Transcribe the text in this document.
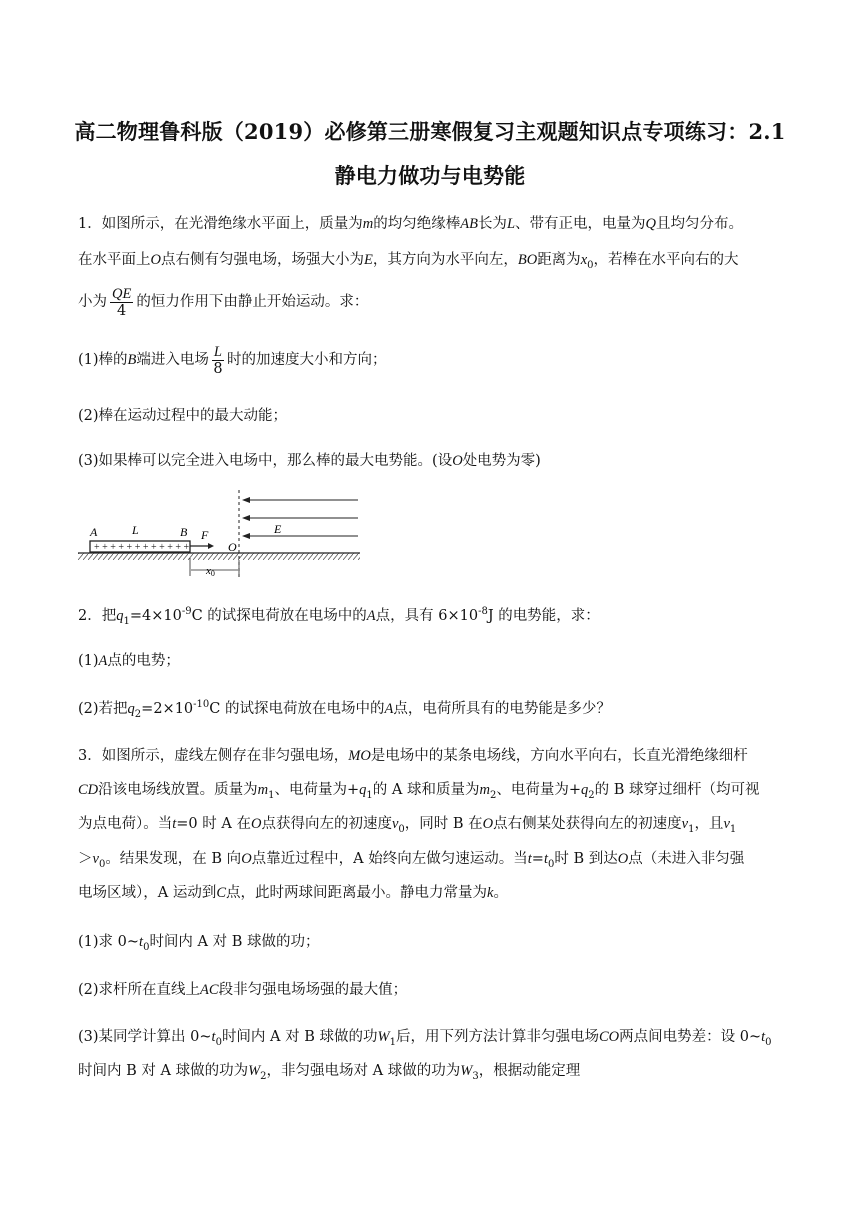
高二物理鲁科版（2019）必修第三册寒假复习主观题知识点专项练习：2.1
静电力做功与电势能
1．如图所示，在光滑绝缘水平面上，质量为m的均匀绝缘棒AB长为L、带有正电，电量为Q且均匀分布。
在水平面上O点右侧有匀强电场，场强大小为E，其方向为水平向左，BO距离为$x_0$，若棒在水平向右的大
小为 $\frac{QE}{4}$ 的恒力作用下由静止开始运动。求：
(1)棒的B端进入电场 $\frac{L}{8}$ 时的加速度大小和方向；
(2)棒在运动过程中的最大动能；
(3)如果棒可以完全进入电场中，那么棒的最大电势能。(设O处电势为零)
+ + + + + + + + + + + +
A	L	B F
O
E
x0
2．把$q_1=4\times 10^{-9}C$ 的试探电荷放在电场中的A点，具有 $6\times 10^{-8}J$ 的电势能，求：
(1)A点的电势；
(2)若把$q_2=2\times 10^{-10}C$ 的试探电荷放在电场中的A点，电荷所具有的电势能是多少？
3．如图所示，虚线左侧存在非匀强电场，MO是电场中的某条电场线，方向水平向右，长直光滑绝缘细杆
CD沿该电场线放置。质量为$m_1$、电荷量为$+q_1$的 A 球和质量为$m_2$、电荷量为$+q_2$的 B 球穿过细杆（均可视
为点电荷）。当t=0 时 A 在O点获得向左的初速度$v_0$，同时 B 在O点右侧某处获得向左的初速度$v_1$，且$v_1$
$>v_0$。结果发现，在 B 向O点靠近过程中，A 始终向左做匀速运动。当$t=t_0$时 B 到达O点（未进入非匀强
电场区域），A 运动到C点，此时两球间距离最小。静电力常量为k。
(1)求 $0\sim t_0$时间内 A 对 B 球做的功；
(2)求杆所在直线上AC段非匀强电场场强的最大值；
(3)某同学计算出 $0\sim t_0$时间内 A 对 B 球做的功$W_1$后，用下列方法计算非匀强电场CO两点间电势差：设 $0\sim t_0$
时间内 B 对 A 球做的功为$W_2$，非匀强电场对 A 球做的功为$W_3$，根据动能定理
